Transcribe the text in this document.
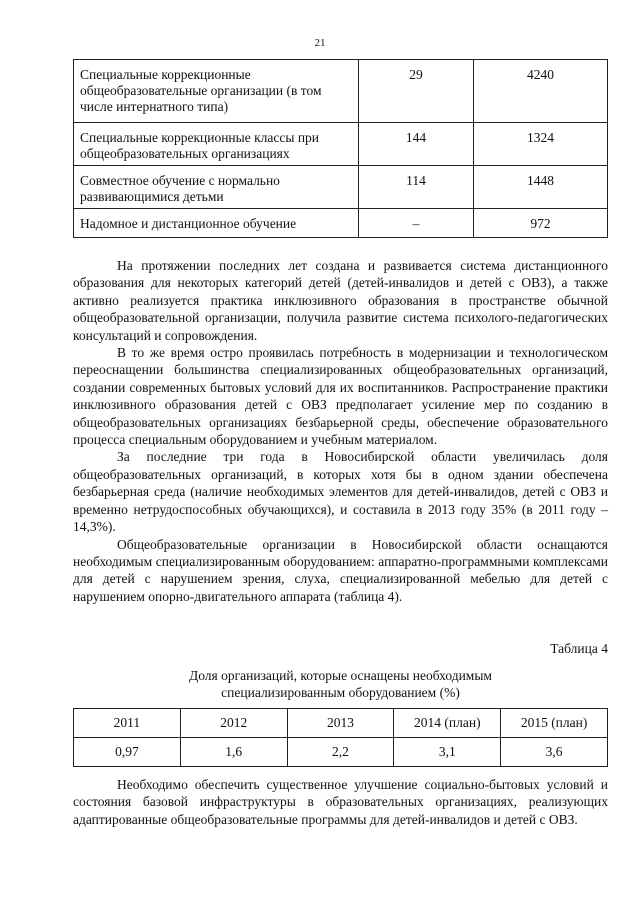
21
Специальные коррекционные общеобразовательные организации (в том числе интернатного типа)	29	4240
Специальные коррекционные классы при общеобразовательных организациях	144	1324
Совместное обучение с нормально развивающимися детьми	114	1448
Надомное и дистанционное обучение	–	972

На протяжении последних лет создана и развивается система дистанционного образования для некоторых категорий детей (детей-инвалидов и детей с ОВЗ), а также активно реализуется практика инклюзивного образования в пространстве обычной общеобразовательной организации, получила развитие система психолого-педагогических консультаций и сопровождения.

В то же время остро проявилась потребность в модернизации и технологическом переоснащении большинства специализированных общеобразовательных организаций, создании современных бытовых условий для их воспитанников. Распространение практики инклюзивного образования детей с ОВЗ предполагает усиление мер по созданию в общеобразовательных организациях безбарьерной среды, обеспечение образовательного процесса специальным оборудованием и учебным материалом.

За последние три года в Новосибирской области увеличилась доля общеобразовательных организаций, в которых хотя бы в одном здании обеспечена безбарьерная среда (наличие необходимых элементов для детей-инвалидов, детей с ОВЗ и временно нетрудоспособных обучающихся), и составила в 2013 году 35% (в 2011 году – 14,3%).

Общеобразовательные организации в Новосибирской области оснащаются необходимым специализированным оборудованием: аппаратно-программными комплексами для детей с нарушением зрения, слуха, специализированной мебелью для детей с нарушением опорно-двигательного аппарата (таблица 4).

Таблица 4
Доля организаций, которые оснащены необходимым
специализированным оборудованием (%)
2011	2012	2013	2014 (план)	2015 (план)
0,97	1,6	2,2	3,1	3,6

Необходимо обеспечить существенное улучшение социально-бытовых условий и состояния базовой инфраструктуры в образовательных организациях, реализующих адаптированные общеобразовательные программы для детей-инвалидов и детей с ОВЗ.
